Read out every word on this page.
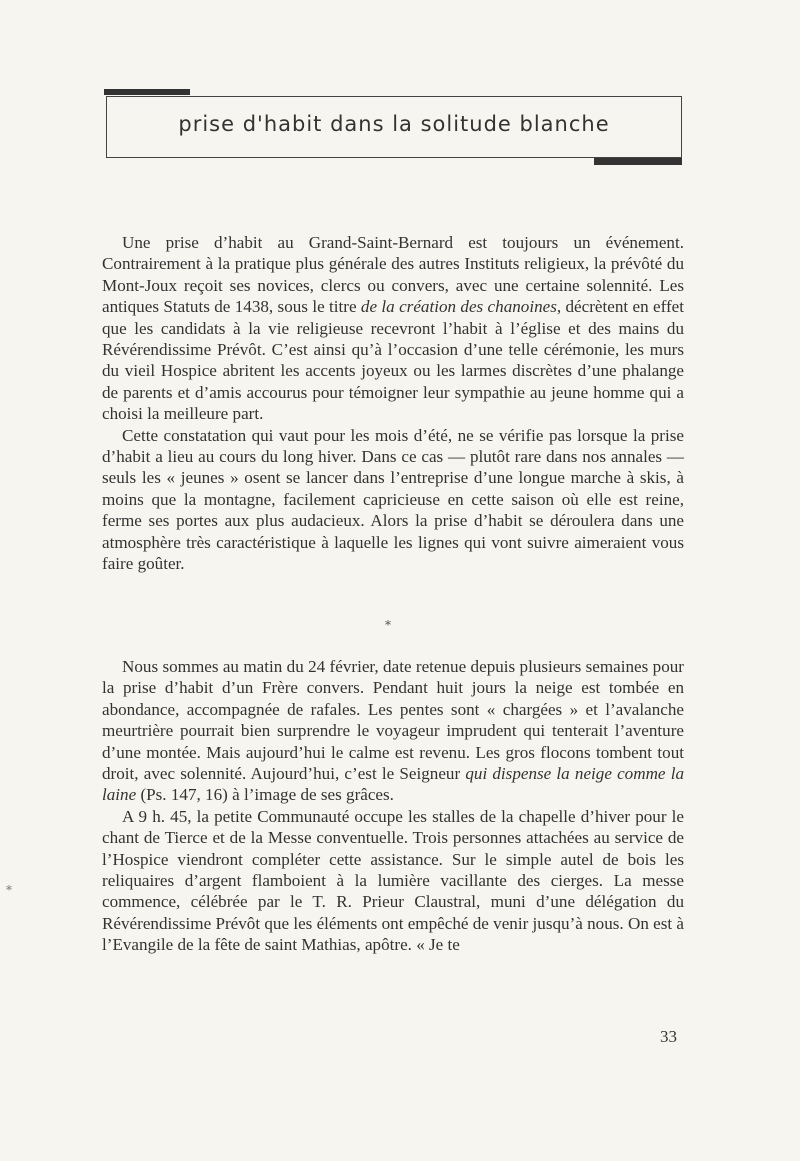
prise d'habit dans la solitude blanche

Une prise d’habit au Grand-Saint-Bernard est toujours un événement. Contrairement à la pratique plus générale des autres Instituts religieux, la prévôté du Mont-Joux reçoit ses novices, clercs ou convers, avec une certaine solennité. Les antiques Statuts de 1438, sous le titre de la création des chanoines, décrètent en effet que les candidats à la vie religieuse recevront l’habit à l’église et des mains du Révérendissime Prévôt. C’est ainsi qu’à l’occasion d’une telle cérémonie, les murs du vieil Hospice abritent les accents joyeux ou les larmes discrètes d’une phalange de parents et d’amis accourus pour témoigner leur sympathie au jeune homme qui a choisi la meilleure part.

Cette constatation qui vaut pour les mois d’été, ne se vérifie pas lorsque la prise d’habit a lieu au cours du long hiver. Dans ce cas — plutôt rare dans nos annales — seuls les « jeunes » osent se lancer dans l’entreprise d’une longue marche à skis, à moins que la montagne, facilement capricieuse en cette saison où elle est reine, ferme ses portes aux plus audacieux. Alors la prise d’habit se déroulera dans une atmosphère très caractéristique à laquelle les lignes qui vont suivre aimeraient vous faire goûter.

*

Nous sommes au matin du 24 février, date retenue depuis plusieurs semaines pour la prise d’habit d’un Frère convers. Pendant huit jours la neige est tombée en abondance, accompagnée de rafales. Les pentes sont « chargées » et l’avalanche meurtrière pourrait bien surprendre le voyageur imprudent qui tenterait l’aventure d’une montée. Mais aujourd’hui le calme est revenu. Les gros flocons tombent tout droit, avec solennité. Aujourd’hui, c’est le Seigneur qui dispense la neige comme la laine (Ps. 147, 16) à l’image de ses grâces.

A 9 h. 45, la petite Communauté occupe les stalles de la chapelle d’hiver pour le chant de Tierce et de la Messe conventuelle. Trois personnes attachées au service de l’Hospice viendront compléter cette assistance. Sur le simple autel de bois les reliquaires d’argent flamboient à la lumière vacillante des cierges. La messe commence, célébrée par le T. R. Prieur Claustral, muni d’une délégation du Révérendissime Prévôt que les éléments ont empêché de venir jusqu’à nous. On est à l’Evangile de la fête de saint Mathias, apôtre. « Je te

*
33
